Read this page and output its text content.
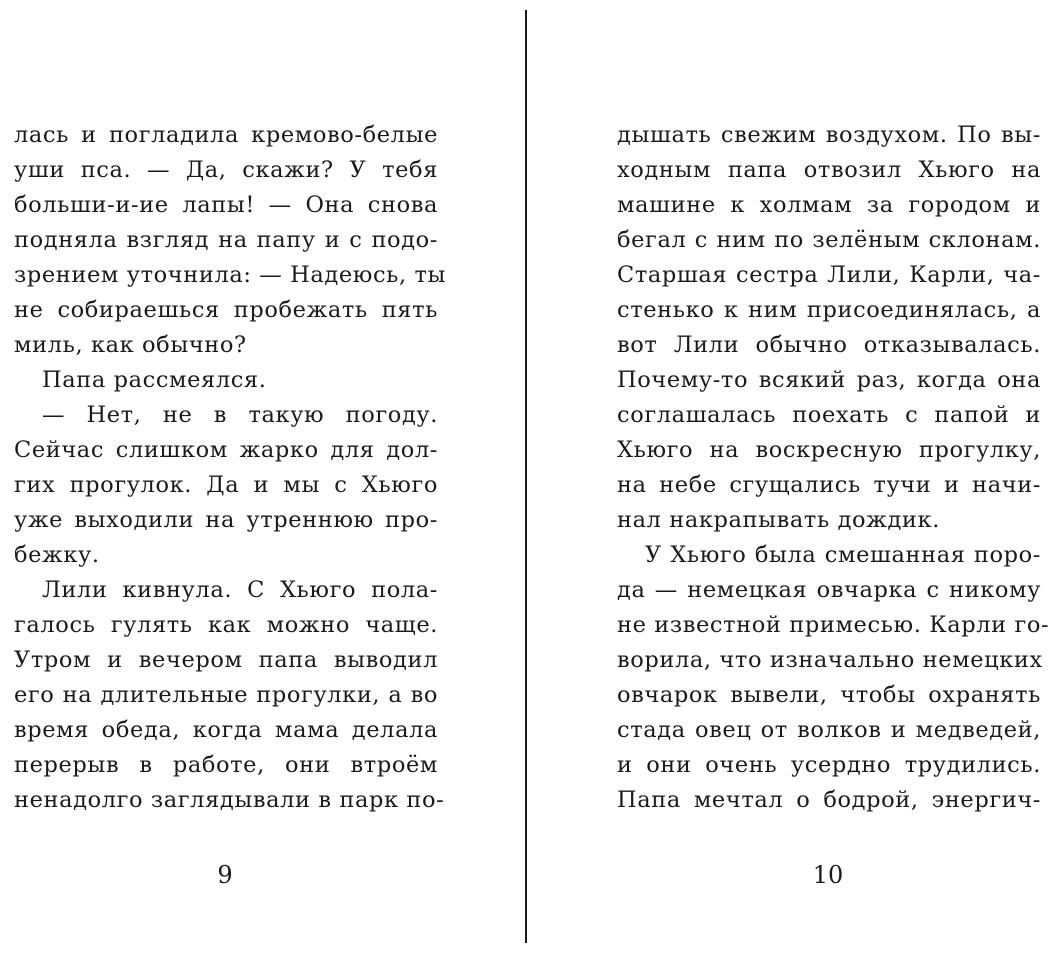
лась и погладила кремово-белые
уши пса. — Да, скажи? У тебя
больши-и-ие лапы! — Она снова
подняла взгляд на папу и с подо-
зрением уточнила: — Надеюсь, ты
не собираешься пробежать пять
миль, как обычно?
Папа рассмеялся.
— Нет, не в такую погоду.
Сейчас слишком жарко для дол-
гих прогулок. Да и мы с Хьюго
уже выходили на утреннюю про-
бежку.
Лили кивнула. С Хьюго пола-
галось гулять как можно чаще.
Утром и вечером папа выводил
его на длительные прогулки, а во
время обеда, когда мама делала
перерыв в работе, они втроём
ненадолго заглядывали в парк по-
дышать свежим воздухом. По вы-
ходным папа отвозил Хьюго на
машине к холмам за городом и
бегал с ним по зелёным склонам.
Старшая сестра Лили, Карли, ча-
стенько к ним присоединялась, а
вот Лили обычно отказывалась.
Почему-то всякий раз, когда она
соглашалась поехать с папой и
Хьюго на воскресную прогулку,
на небе сгущались тучи и начи-
нал накрапывать дождик.
У Хьюго была смешанная поро-
да — немецкая овчарка с никому
не известной примесью. Карли го-
ворила, что изначально немецких
овчарок вывели, чтобы охранять
стада овец от волков и медведей,
и они очень усердно трудились.
Папа мечтал о бодрой, энергич-
9	10
